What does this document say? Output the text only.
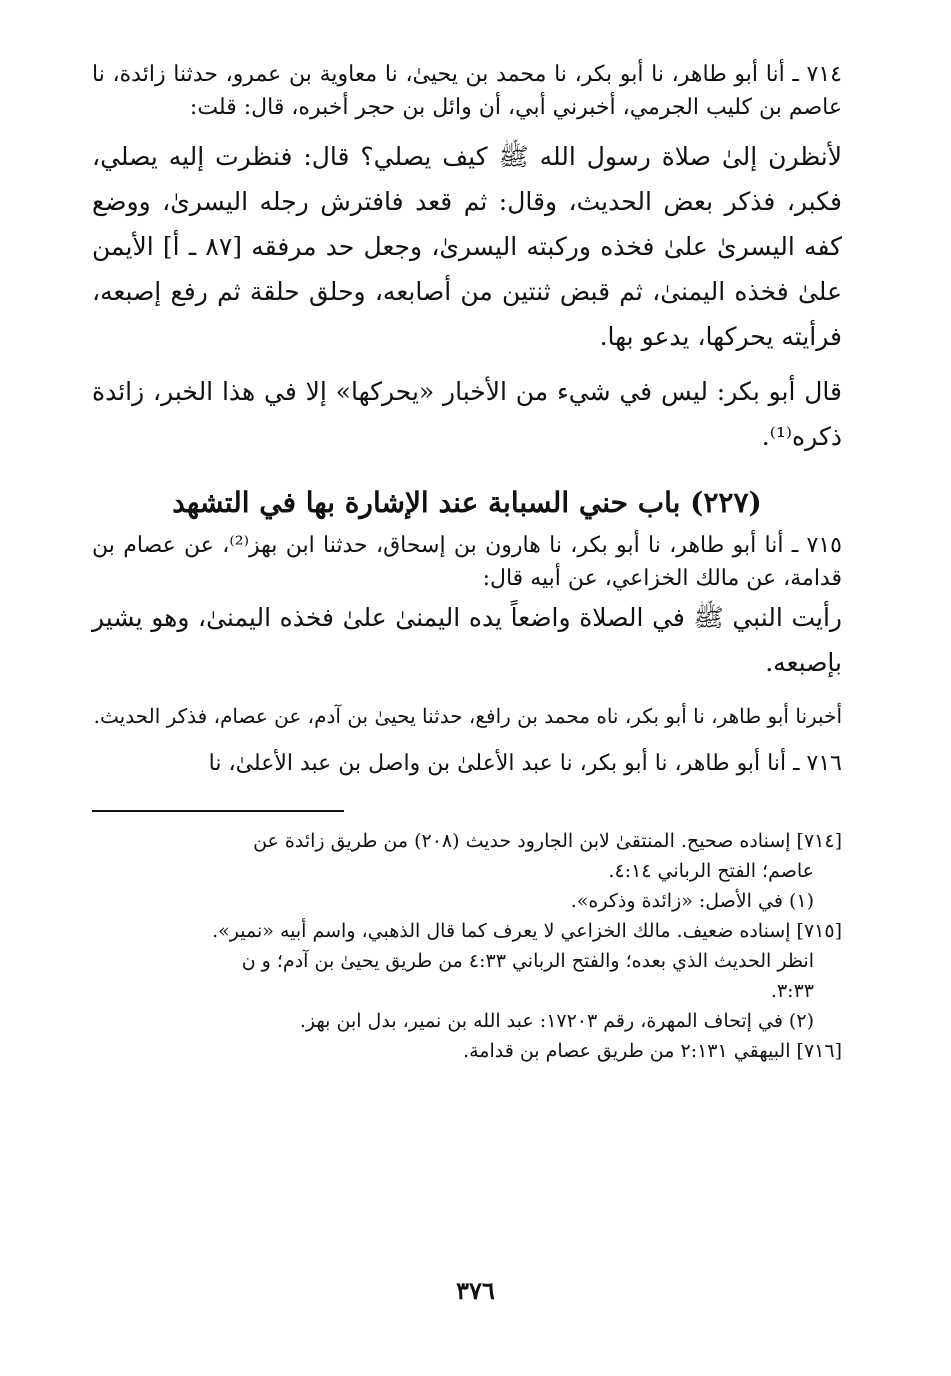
٧١٤ ـ أنا أبو طاهر، نا أبو بكر، نا محمد بن يحيىٰ، نا معاوية بن عمرو، حدثنا زائدة، نا عاصم بن كليب الجرمي، أخبرني أبي، أن وائل بن حجر أخبره، قال: قلت:

لأنظرن إلىٰ صلاة رسول الله ﷺ كيف يصلي؟ قال: فنظرت إليه يصلي، فكبر، فذكر بعض الحديث، وقال: ثم قعد فافترش رجله اليسرىٰ، ووضع كفه اليسرىٰ علىٰ فخذه وركبته اليسرىٰ، وجعل حد مرفقه [٨٧ ـ أ] الأيمن علىٰ فخذه اليمنىٰ، ثم قبض ثنتين من أصابعه، وحلق حلقة ثم رفع إصبعه، فرأيته يحركها، يدعو بها.

قال أبو بكر: ليس في شيء من الأخبار «يحركها» إلا في هذا الخبر، زائدة ذكره⁽¹⁾.

(٢٢٧) باب حني السبابة عند الإشارة بها في التشهد

٧١٥ ـ أنا أبو طاهر، نا أبو بكر، نا هارون بن إسحاق، حدثنا ابن بهز⁽²⁾، عن عصام بن قدامة، عن مالك الخزاعي، عن أبيه قال:

رأيت النبي ﷺ في الصلاة واضعاً يده اليمنىٰ علىٰ فخذه اليمنىٰ، وهو يشير بإصبعه.

أخبرنا أبو طاهر، نا أبو بكر، ناه محمد بن رافع، حدثنا يحيىٰ بن آدم، عن عصام، فذكر الحديث.

٧١٦ ـ أنا أبو طاهر، نا أبو بكر، نا عبد الأعلىٰ بن واصل بن عبد الأعلىٰ، نا

[٧١٤] إسناده صحيح. المنتقىٰ لابن الجارود حديث (٢٠٨) من طريق زائدة عن

عاصم؛ الفتح الرباني ٤:١٤.

(١) في الأصل: «زائدة وذكره».

[٧١٥] إسناده ضعيف. مالك الخزاعي لا يعرف كما قال الذهبي، واسم أبيه «نمير».

انظر الحديث الذي بعده؛ والفتح الرباني ٤:٣٣ من طريق يحيىٰ بن آدم؛ و ن

٣:٣٣.

(٢) في إتحاف المهرة، رقم ١٧٢٠٣: عبد الله بن نمير، بدل ابن بهز.

[٧١٦] البيهقي ٢:١٣١ من طريق عصام بن قدامة.

٣٧٦
